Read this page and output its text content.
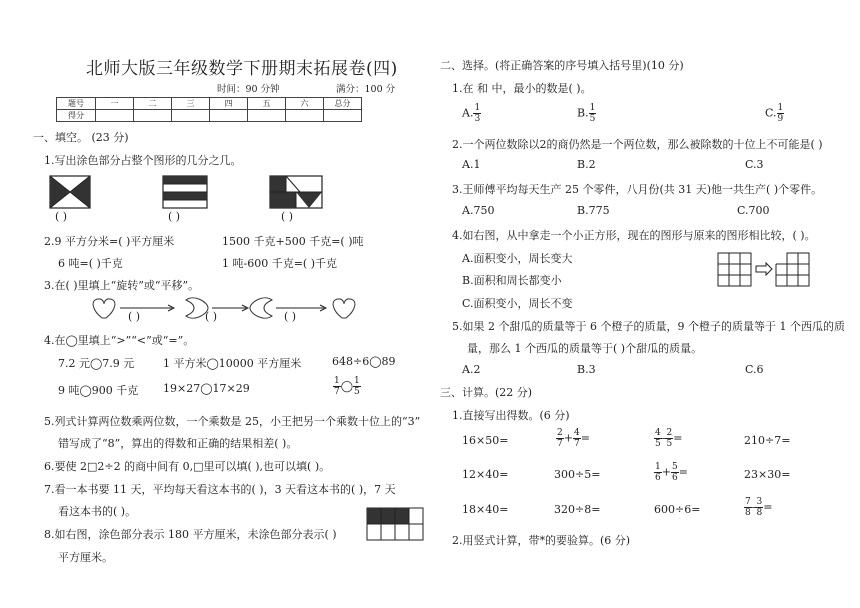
北师大版三年级数学下册期末拓展卷(四)
时间：90 分钟	满分：100 分
题号	一	二	三	四	五	六	总分
得分							
一、填空。 (23 分)
1.写出涂色部分占整个图形的几分之几。
( )	( )	( )
2.9 平方分米=( )平方厘米	1500 千克+500 千克=( )吨
6 吨=( )千克	1 吨-600 千克=( )千克
3.在( )里填上“旋转”或“平移”。
( )	( )	( )
4.在◯里填上“>”“<”或“=”。
7.2 元◯7.9 元	1 平方米◯10000 平方厘米	648÷6◯89
9 吨◯900 千克 19×27◯17×29	$\frac{1}{7}$ ◯ $\frac{1}{5}$
5.列式计算两位数乘两位数，一个乘数是 25，小王把另一个乘数十位上的“3”
错写成了“8”，算出的得数和正确的结果相差( )。
6.要使 2□2÷2 的商中间有 0,□里可以填( ),也可以填( )。
7.看一本书要 11 天，平均每天看这本书的( )，3 天看这本书的( )，7 天
看这本书的( )。
8.如右图，涂色部分表示 180 平方厘米，未涂色部分表示( )
平方厘米。
二、选择。(将正确答案的序号填入括号里)(10 分)
1.在 和 中，最小的数是( )。
A. $\frac{1}{3}$	B. $\frac{1}{5}$	C. $\frac{1}{9}$
2.一个两位数除以2的商仍然是一个两位数，那么被除数的十位上不可能是( )
A.1	B.2	C.3
3.王师傅平均每天生产 25 个零件，八月份(共 31 天)他一共生产( )个零件。
A.750	B.775	C.700
4.如右图，从中拿走一个小正方形，现在的图形与原来的图形相比较，( )。
A.面积变小，周长变大
B.面积和周长都变小
C.面积变小，周长不变
5.如果 2 个甜瓜的质量等于 6 个橙子的质量，9 个橙子的质量等于 1 个西瓜的质
量，那么 1 个西瓜的质量等于( )个甜瓜的质量。
A.2	B.3	C.6
三、计算。(22 分)
1.直接写出得数。(6 分)
16×50=	$\frac{2}{7} + \frac{4}{7}$ =	$\frac{4}{5} - \frac{2}{5}$ =	210÷7=
12×40=	300÷5=	$\frac{1}{6} + \frac{5}{6}$ =	23×30=
18×40=	320÷8=	600÷6=	$\frac{7}{8} - \frac{3}{8}$ =
2.用竖式计算，带*的要验算。(6 分)
